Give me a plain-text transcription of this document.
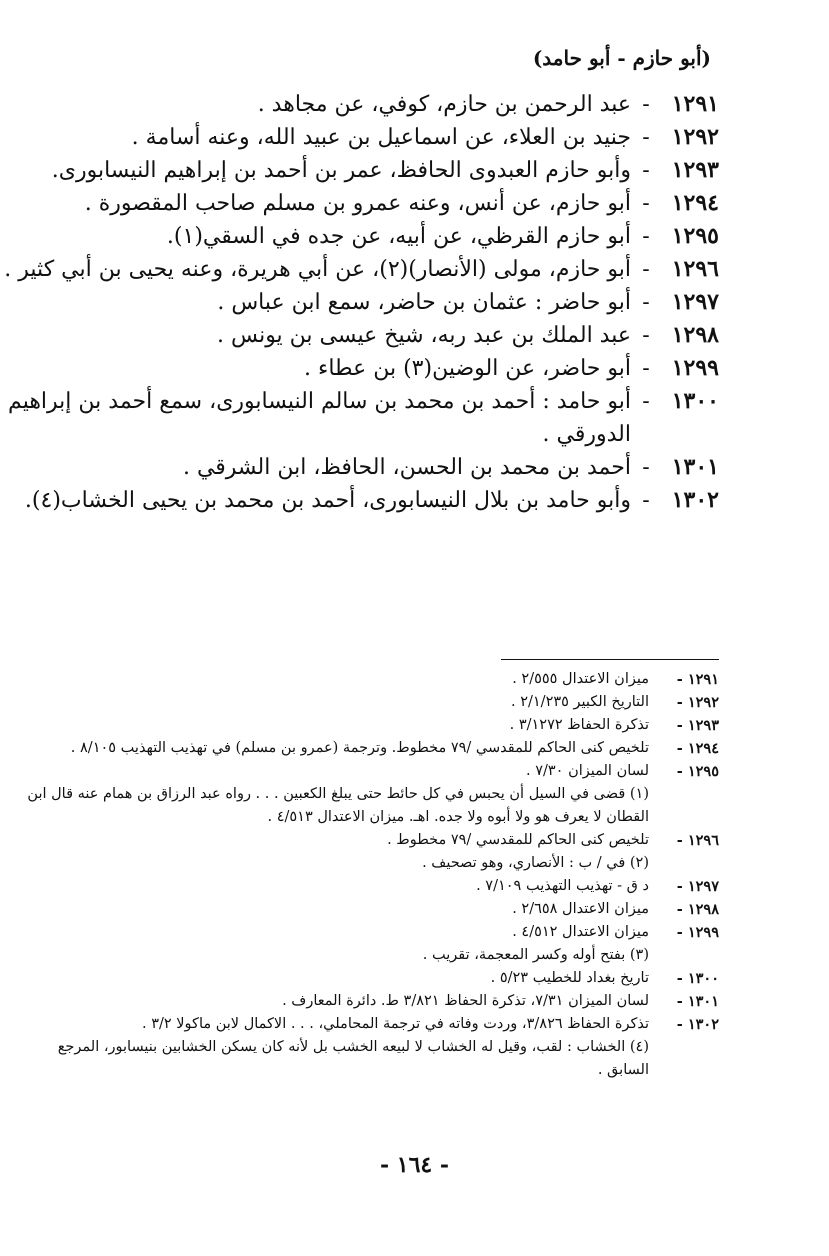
(أبو حازم - أبو حامد)
١٢٩١
-
عبد الرحمن بن حازم، كوفي، عن مجاهد .
١٢٩٢
-
جنيد بن العلاء، عن اسماعيل بن عبيد الله، وعنه أسامة .
١٢٩٣
-
وأبو حازم العبدوى الحافظ، عمر بن أحمد بن إبراهيم النيسابورى.
١٢٩٤
-
أبو حازم، عن أنس، وعنه عمرو بن مسلم صاحب المقصورة .
١٢٩٥
-
أبو حازم القرظي، عن أبيه، عن جده في السقي(١).
١٢٩٦
-
أبو حازم، مولى (الأنصار)(٢)، عن أبي هريرة، وعنه يحيى بن أبي كثير .
١٢٩٧
-
أبو حاضر : عثمان بن حاضر، سمع ابن عباس .
١٢٩٨
-
عبد الملك بن عبد ربه، شيخ عيسى بن يونس .
١٢٩٩
-
أبو حاضر، عن الوضين(٣) بن عطاء .
١٣٠٠
-
أبو حامد : أحمد بن محمد بن سالم النيسابورى، سمع أحمد بن إبراهيم
الدورقي .
١٣٠١
-
أحمد بن محمد بن الحسن، الحافظ، ابن الشرقي .
١٣٠٢
-
وأبو حامد بن بلال النيسابورى، أحمد بن محمد بن يحيى الخشاب(٤).
١٢٩١ -
ميزان الاعتدال ٢/٥٥٥ .
١٢٩٢ -
التاريخ الكبير ٢/١/٢٣٥ .
١٢٩٣ -
تذكرة الحفاظ ٣/١٢٧٢ .
١٢٩٤ -
تلخيص كنى الحاكم للمقدسي /٧٩ مخطوط. وترجمة (عمرو بن مسلم) في تهذيب التهذيب ٨/١٠٥ .
١٢٩٥ -
لسان الميزان ٧/٣٠ .
(١) قضى في السيل أن يحبس في كل حائط حتى يبلغ الكعبين . . . رواه عبد الرزاق بن همام عنه قال ابن
القطان لا يعرف هو ولا أبوه ولا جده. اهـ. ميزان الاعتدال ٤/٥١٣ .
١٢٩٦ -
تلخيص كنى الحاكم للمقدسي /٧٩ مخطوط .
(٢) في / ب : الأنصاري، وهو تصحيف .
١٢٩٧ -
د ق - تهذيب التهذيب ٧/١٠٩ .
١٢٩٨ -
ميزان الاعتدال ٢/٦٥٨ .
١٢٩٩ -
ميزان الاعتدال ٤/٥١٢ .
(٣) بفتح أوله وكسر المعجمة، تقريب .
١٣٠٠ -
تاريخ بغداد للخطيب ٥/٢٣ .
١٣٠١ -
لسان الميزان ٧/٣١، تذكرة الحفاظ ٣/٨٢١ ط. دائرة المعارف .
١٣٠٢ -
تذكرة الحفاظ ٣/٨٢٦، وردت وفاته في ترجمة المحاملي، . . . الاكمال لابن ماكولا ٣/٢ .
(٤) الخشاب : لقب، وقيل له الخشاب لا لبيعه الخشب بل لأنه كان يسكن الخشابين بنيسابور، المرجع
السابق .
- ١٦٤ -
